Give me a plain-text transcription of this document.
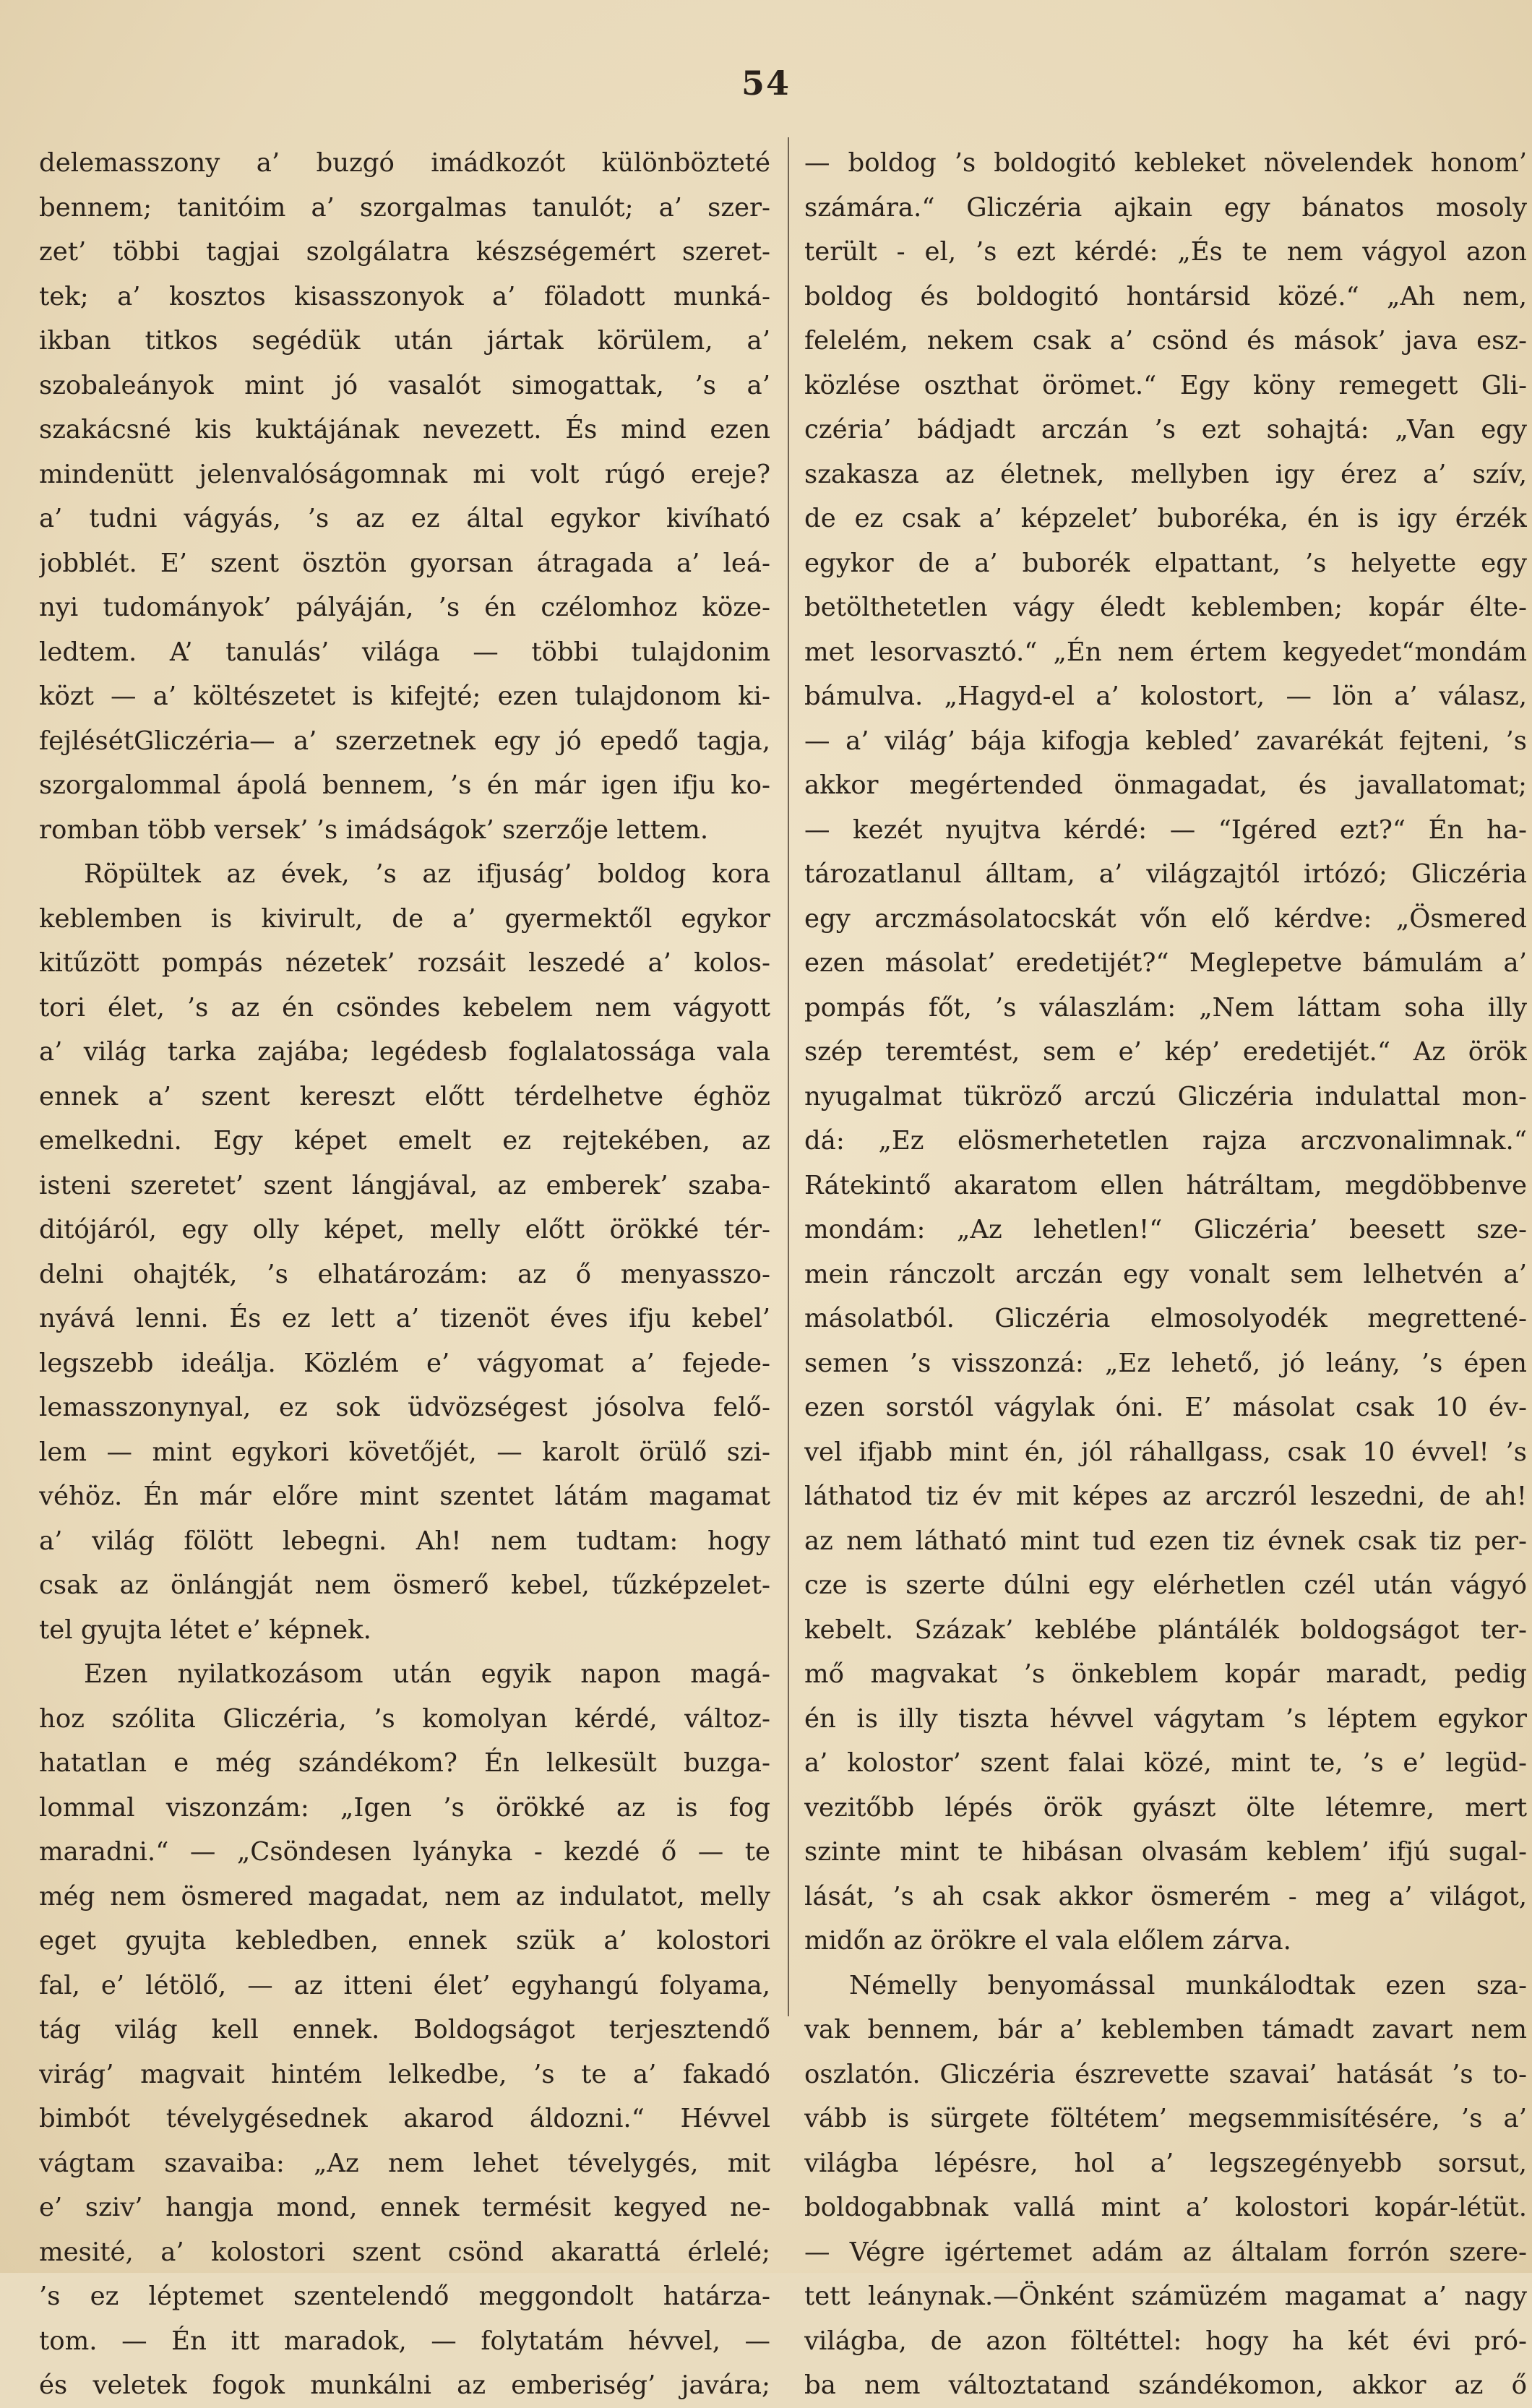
54
delemasszony a’ buzgó imádkozót különbözteté
bennem; tanitóim a’ szorgalmas tanulót; a’ szer-
zet’ többi tagjai szolgálatra készségemért szeret-
tek; a’ kosztos kisasszonyok a’ föladott munká-
ikban titkos segédük után jártak körülem, a’
szobaleányok mint jó vasalót simogattak, ’s a’
szakácsné kis kuktájának nevezett. És mind ezen
mindenütt jelenvalóságomnak mi volt rúgó ereje?
a’ tudni vágyás, ’s az ez által egykor kivíható
jobblét. E’ szent ösztön gyorsan átragada a’ leá-
nyi tudományok’ pályáján, ’s én czélomhoz köze-
ledtem. A’ tanulás’ világa — többi tulajdonim
közt — a’ költészetet is kifejté; ezen tulajdonom ki-
fejlésétGliczéria— a’ szerzetnek egy jó epedő tagja,
szorgalommal ápolá bennem, ’s én már igen ifju ko-
romban több versek’ ’s imádságok’ szerzője lettem.
Röpültek az évek, ’s az ifjuság’ boldog kora
keblemben is kivirult, de a’ gyermektől egykor
kitűzött pompás nézetek’ rozsáit leszedé a’ kolos-
tori élet, ’s az én csöndes kebelem nem vágyott
a’ világ tarka zajába; legédesb foglalatossága vala
ennek a’ szent kereszt előtt térdelhetve éghöz
emelkedni. Egy képet emelt ez rejtekében, az
isteni szeretet’ szent lángjával, az emberek’ szaba-
ditójáról, egy olly képet, melly előtt örökké tér-
delni ohajték, ’s elhatározám: az ő menyasszo-
nyává lenni. És ez lett a’ tizenöt éves ifju kebel’
legszebb ideálja. Közlém e’ vágyomat a’ fejede-
lemasszonynyal, ez sok üdvözségest jósolva felő-
lem — mint egykori követőjét, — karolt örülő szi-
véhöz. Én már előre mint szentet látám magamat
a’ világ fölött lebegni. Ah! nem tudtam: hogy
csak az önlángját nem ösmerő kebel, tűzképzelet-
tel gyujta létet e’ képnek.
Ezen nyilatkozásom után egyik napon magá-
hoz szólita Gliczéria, ’s komolyan kérdé, változ-
hatatlan e még szándékom? Én lelkesült buzga-
lommal viszonzám: „Igen ’s örökké az is fog
maradni.“ — „Csöndesen lyányka - kezdé ő — te
még nem ösmered magadat, nem az indulatot, melly
eget gyujta kebledben, ennek szük a’ kolostori
fal, e’ létölő, — az itteni élet’ egyhangú folyama,
tág világ kell ennek. Boldogságot terjesztendő
virág’ magvait hintém lelkedbe, ’s te a’ fakadó
bimbót tévelygésednek akarod áldozni.“ Hévvel
vágtam szavaiba: „Az nem lehet tévelygés, mit
e’ sziv’ hangja mond, ennek termésit kegyed ne-
mesité, a’ kolostori szent csönd akarattá érlelé;
’s ez léptemet szentelendő meggondolt határza-
tom. — Én itt maradok, — folytatám hévvel, —
és veletek fogok munkálni az emberiség’ javára;
— boldog ’s boldogitó kebleket növelendek honom’
számára.“ Gliczéria ajkain egy bánatos mosoly
terült - el, ’s ezt kérdé: „És te nem vágyol azon
boldog és boldogitó hontársid közé.“ „Ah nem,
felelém, nekem csak a’ csönd és mások’ java esz-
közlése oszthat örömet.“ Egy köny remegett Gli-
czéria’ bádjadt arczán ’s ezt sohajtá: „Van egy
szakasza az életnek, mellyben igy érez a’ szív,
de ez csak a’ képzelet’ buboréka, én is igy érzék
egykor de a’ buborék elpattant, ’s helyette egy
betölthetetlen vágy éledt keblemben; kopár élte-
met lesorvasztó.“ „Én nem értem kegyedet“mondám
bámulva. „Hagyd-el a’ kolostort, — lön a’ válasz,
— a’ világ’ bája kifogja kebled’ zavarékát fejteni, ’s
akkor megértended önmagadat, és javallatomat;
— kezét nyujtva kérdé: — “Igéred ezt?“ Én ha-
tározatlanul álltam, a’ világzajtól irtózó; Gliczéria
egy arczmásolatocskát vőn elő kérdve: „Ösmered
ezen másolat’ eredetijét?“ Meglepetve bámulám a’
pompás főt, ’s válaszlám: „Nem láttam soha illy
szép teremtést, sem e’ kép’ eredetijét.“ Az örök
nyugalmat tükröző arczú Gliczéria indulattal mon-
dá: „Ez elösmerhetetlen rajza arczvonalimnak.“
Rátekintő akaratom ellen hátráltam, megdöbbenve
mondám: „Az lehetlen!“ Gliczéria’ beesett sze-
mein ránczolt arczán egy vonalt sem lelhetvén a’
másolatból. Gliczéria elmosolyodék megrettené-
semen ’s visszonzá: „Ez lehető, jó leány, ’s épen
ezen sorstól vágylak óni. E’ másolat csak 10 év-
vel ifjabb mint én, jól ráhallgass, csak 10 évvel! ’s
láthatod tiz év mit képes az arczról leszedni, de ah!
az nem látható mint tud ezen tiz évnek csak tiz per-
cze is szerte dúlni egy elérhetlen czél után vágyó
kebelt. Százak’ keblébe plántálék boldogságot ter-
mő magvakat ’s önkeblem kopár maradt, pedig
én is illy tiszta hévvel vágytam ’s léptem egykor
a’ kolostor’ szent falai közé, mint te, ’s e’ legüd-
vezitőbb lépés örök gyászt ölte létemre, mert
szinte mint te hibásan olvasám keblem’ ifjú sugal-
lását, ’s ah csak akkor ösmerém - meg a’ világot,
midőn az örökre el vala előlem zárva.
Némelly benyomással munkálodtak ezen sza-
vak bennem, bár a’ keblemben támadt zavart nem
oszlatón. Gliczéria észrevette szavai’ hatását ’s to-
vább is sürgete föltétem’ megsemmisítésére, ’s a’
világba lépésre, hol a’ legszegényebb sorsut,
boldogabbnak vallá mint a’ kolostori kopár-létüt.
— Végre igértemet adám az általam forrón szere-
tett leánynak.—Önként számüzém magamat a’ nagy
világba, de azon föltéttel: hogy ha két évi pró-
ba nem változtatand szándékomon, akkor az ő
